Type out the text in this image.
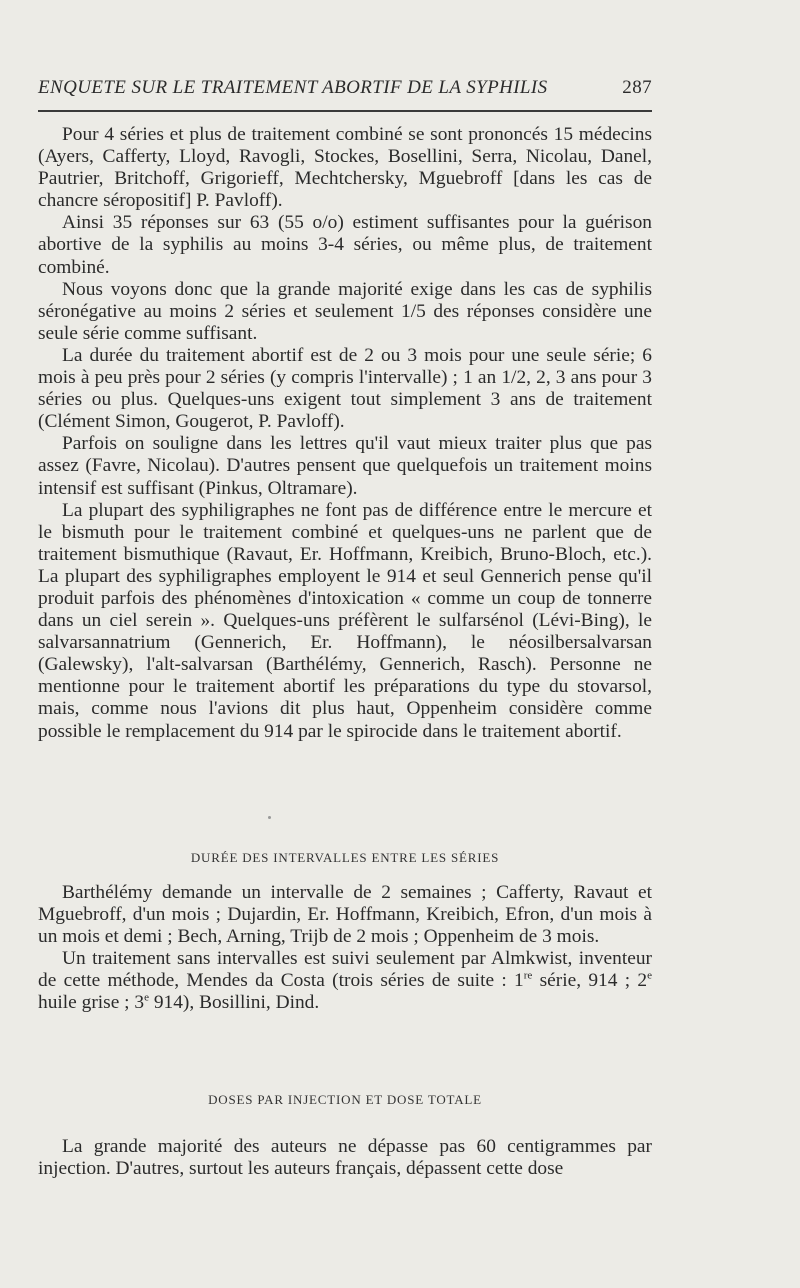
ENQUETE SUR LE TRAITEMENT ABORTIF DE LA SYPHILIS	287

Pour 4 séries et plus de traitement combiné se sont prononcés 15 médecins (Ayers, Cafferty, Lloyd, Ravogli, Stockes, Bosellini, Serra, Nicolau, Danel, Pautrier, Britchoff, Grigorieff, Mechtchersky, Mguebroff [dans les cas de chancre séropositif] P. Pavloff).

Ainsi 35 réponses sur 63 (55 o/o) estiment suffisantes pour la guérison abortive de la syphilis au moins 3-4 séries, ou même plus, de traitement combiné.

Nous voyons donc que la grande majorité exige dans les cas de syphilis séronégative au moins 2 séries et seulement 1/5 des réponses considère une seule série comme suffisant.

La durée du traitement abortif est de 2 ou 3 mois pour une seule série; 6 mois à peu près pour 2 séries (y compris l'intervalle) ; 1 an 1/2, 2, 3 ans pour 3 séries ou plus. Quelques-uns exigent tout simplement 3 ans de traitement (Clément Simon, Gougerot, P. Pavloff).

Parfois on souligne dans les lettres qu'il vaut mieux traiter plus que pas assez (Favre, Nicolau). D'autres pensent que quelquefois un traitement moins intensif est suffisant (Pinkus, Oltramare).

La plupart des syphiligraphes ne font pas de différence entre le mercure et le bismuth pour le traitement combiné et quelques-uns ne parlent que de traitement bismuthique (Ravaut, Er. Hoffmann, Kreibich, Bruno-Bloch, etc.). La plupart des syphiligraphes employent le 914 et seul Gennerich pense qu'il produit parfois des phénomènes d'intoxication « comme un coup de tonnerre dans un ciel serein ». Quelques-uns préfèrent le sulfarsénol (Lévi-Bing), le salvarsannatrium (Gennerich, Er. Hoffmann), le néosilbersalvarsan (Galewsky), l'alt-salvarsan (Barthélémy, Gennerich, Rasch). Personne ne mentionne pour le traitement abortif les préparations du type du stovarsol, mais, comme nous l'avions dit plus haut, Oppenheim considère comme possible le remplacement du 914 par le spirocide dans le traitement abortif.

DURÉE DES INTERVALLES ENTRE LES SÉRIES

Barthélémy demande un intervalle de 2 semaines ; Cafferty, Ravaut et Mguebroff, d'un mois ; Dujardin, Er. Hoffmann, Kreibich, Efron, d'un mois à un mois et demi ; Bech, Arning, Trijb de 2 mois ; Oppenheim de 3 mois.

Un traitement sans intervalles est suivi seulement par Almkwist, inventeur de cette méthode, Mendes da Costa (trois séries de suite : 1re série, 914 ; 2e huile grise ; 3e 914), Bosillini, Dind.

DOSES PAR INJECTION ET DOSE TOTALE

La grande majorité des auteurs ne dépasse pas 60 centigrammes par injection. D'autres, surtout les auteurs français, dépassent cette dose
